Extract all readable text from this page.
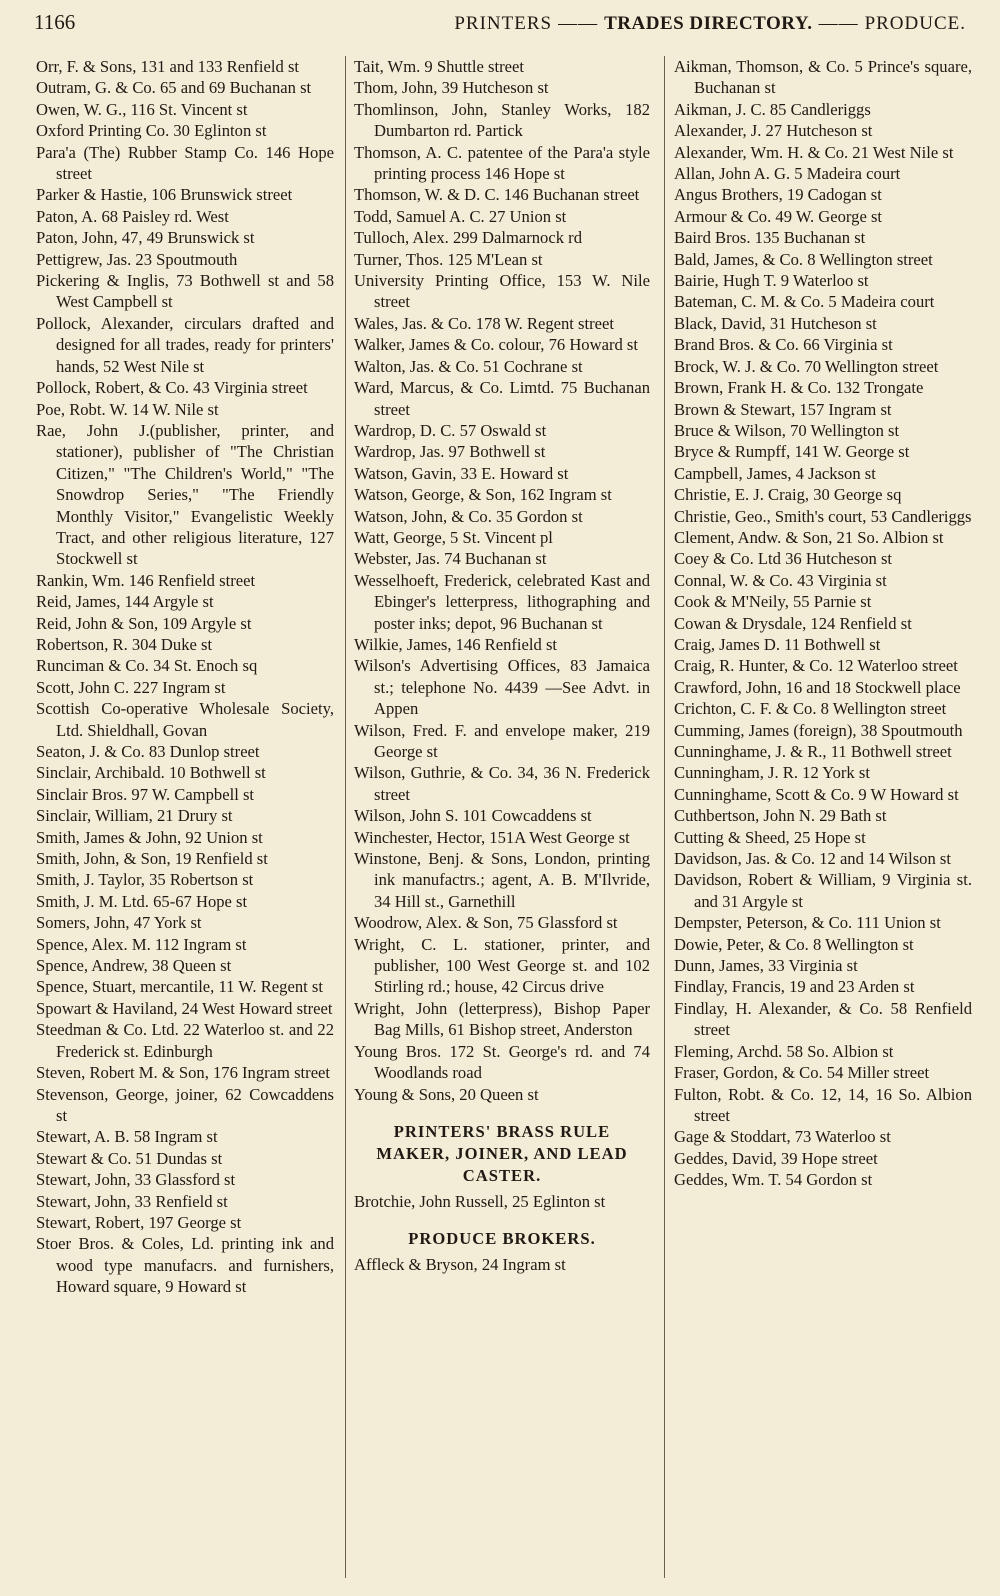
1166	PRINTERS —— TRADES DIRECTORY. —— PRODUCE.
Orr, F. & Sons, 131 and 133 Renfield st
Outram, G. & Co. 65 and 69 Buchanan st
Owen, W. G., 116 St. Vincent st
Oxford Printing Co. 30 Eglinton st
Para'a (The) Rubber Stamp Co. 146 Hope street
Parker & Hastie, 106 Brunswick street
Paton, A. 68 Paisley rd. West
Paton, John, 47, 49 Brunswick st
Pettigrew, Jas. 23 Spoutmouth
Pickering & Inglis, 73 Bothwell st and 58 West Campbell st
Pollock, Alexander, circulars drafted and designed for all trades, ready for printers' hands, 52 West Nile st
Pollock, Robert, & Co. 43 Virginia street
Poe, Robt. W. 14 W. Nile st
Rae, John J.(publisher, printer, and stationer), publisher of "The Christian Citizen," "The Children's World," "The Snowdrop Series," "The Friendly Monthly Visitor," Evangelistic Weekly Tract, and other religious literature, 127 Stockwell st
Rankin, Wm. 146 Renfield street
Reid, James, 144 Argyle st
Reid, John & Son, 109 Argyle st
Robertson, R. 304 Duke st
Runciman & Co. 34 St. Enoch sq
Scott, John C. 227 Ingram st
Scottish Co-operative Wholesale Society, Ltd. Shieldhall, Govan
Seaton, J. & Co. 83 Dunlop street
Sinclair, Archibald. 10 Bothwell st
Sinclair Bros. 97 W. Campbell st
Sinclair, William, 21 Drury st
Smith, James & John, 92 Union st
Smith, John, & Son, 19 Renfield st
Smith, J. Taylor, 35 Robertson st
Smith, J. M. Ltd. 65-67 Hope st
Somers, John, 47 York st
Spence, Alex. M. 112 Ingram st
Spence, Andrew, 38 Queen st
Spence, Stuart, mercantile, 11 W. Regent st
Spowart & Haviland, 24 West Howard street
Steedman & Co. Ltd. 22 Waterloo st. and 22 Frederick st. Edinburgh
Steven, Robert M. & Son, 176 Ingram street
Stevenson, George, joiner, 62 Cowcaddens st
Stewart, A. B. 58 Ingram st
Stewart & Co. 51 Dundas st
Stewart, John, 33 Glassford st
Stewart, John, 33 Renfield st
Stewart, Robert, 197 George st
Stoer Bros. & Coles, Ld. printing ink and wood type manufacrs. and furnishers, Howard square, 9 Howard st
Tait, Wm. 9 Shuttle street
Thom, John, 39 Hutcheson st
Thomlinson, John, Stanley Works, 182 Dumbarton rd. Partick
Thomson, A. C. patentee of the Para'a style printing process 146 Hope st
Thomson, W. & D. C. 146 Buchanan street
Todd, Samuel A. C. 27 Union st
Tulloch, Alex. 299 Dalmarnock rd
Turner, Thos. 125 M'Lean st
University Printing Office, 153 W. Nile street
Wales, Jas. & Co. 178 W. Regent street
Walker, James & Co. colour, 76 Howard st
Walton, Jas. & Co. 51 Cochrane st
Ward, Marcus, & Co. Limtd. 75 Buchanan street
Wardrop, D. C. 57 Oswald st
Wardrop, Jas. 97 Bothwell st
Watson, Gavin, 33 E. Howard st
Watson, George, & Son, 162 Ingram st
Watson, John, & Co. 35 Gordon st
Watt, George, 5 St. Vincent pl
Webster, Jas. 74 Buchanan st
Wesselhoeft, Frederick, celebrated Kast and Ebinger's letterpress, lithographing and poster inks; depot, 96 Buchanan st
Wilkie, James, 146 Renfield st
Wilson's Advertising Offices, 83 Jamaica st.; telephone No. 4439 —See Advt. in Appen
Wilson, Fred. F. and envelope maker, 219 George st
Wilson, Guthrie, & Co. 34, 36 N. Frederick street
Wilson, John S. 101 Cowcaddens st
Winchester, Hector, 151A West George st
Winstone, Benj. & Sons, London, printing ink manufactrs.; agent, A. B. M'Ilvride, 34 Hill st., Garnethill
Woodrow, Alex. & Son, 75 Glassford st
Wright, C. L. stationer, printer, and publisher, 100 West George st. and 102 Stirling rd.; house, 42 Circus drive
Wright, John (letterpress), Bishop Paper Bag Mills, 61 Bishop street, Anderston
Young Bros. 172 St. George's rd. and 74 Woodlands road
Young & Sons, 20 Queen st
PRINTERS' BRASS RULE MAKER, JOINER, AND LEAD CASTER.
Brotchie, John Russell, 25 Eglinton st
PRODUCE BROKERS.
Affleck & Bryson, 24 Ingram st
Aikman, Thomson, & Co. 5 Prince's square, Buchanan st
Aikman, J. C. 85 Candleriggs
Alexander, J. 27 Hutcheson st
Alexander, Wm. H. & Co. 21 West Nile st
Allan, John A. G. 5 Madeira court
Angus Brothers, 19 Cadogan st
Armour & Co. 49 W. George st
Baird Bros. 135 Buchanan st
Bald, James, & Co. 8 Wellington street
Bairie, Hugh T. 9 Waterloo st
Bateman, C. M. & Co. 5 Madeira court
Black, David, 31 Hutcheson st
Brand Bros. & Co. 66 Virginia st
Brock, W. J. & Co. 70 Wellington street
Brown, Frank H. & Co. 132 Trongate
Brown & Stewart, 157 Ingram st
Bruce & Wilson, 70 Wellington st
Bryce & Rumpff, 141 W. George st
Campbell, James, 4 Jackson st
Christie, E. J. Craig, 30 George sq
Christie, Geo., Smith's court, 53 Candleriggs
Clement, Andw. & Son, 21 So. Albion st
Coey & Co. Ltd 36 Hutcheson st
Connal, W. & Co. 43 Virginia st
Cook & M'Neily, 55 Parnie st
Cowan & Drysdale, 124 Renfield st
Craig, James D. 11 Bothwell st
Craig, R. Hunter, & Co. 12 Waterloo street
Crawford, John, 16 and 18 Stockwell place
Crichton, C. F. & Co. 8 Wellington street
Cumming, James (foreign), 38 Spoutmouth
Cunninghame, J. & R., 11 Bothwell street
Cunningham, J. R. 12 York st
Cunninghame, Scott & Co. 9 W Howard st
Cuthbertson, John N. 29 Bath st
Cutting & Sheed, 25 Hope st
Davidson, Jas. & Co. 12 and 14 Wilson st
Davidson, Robert & William, 9 Virginia st. and 31 Argyle st
Dempster, Peterson, & Co. 111 Union st
Dowie, Peter, & Co. 8 Wellington st
Dunn, James, 33 Virginia st
Findlay, Francis, 19 and 23 Arden st
Findlay, H. Alexander, & Co. 58 Renfield street
Fleming, Archd. 58 So. Albion st
Fraser, Gordon, & Co. 54 Miller street
Fulton, Robt. & Co. 12, 14, 16 So. Albion street
Gage & Stoddart, 73 Waterloo st
Geddes, David, 39 Hope street
Geddes, Wm. T. 54 Gordon st
